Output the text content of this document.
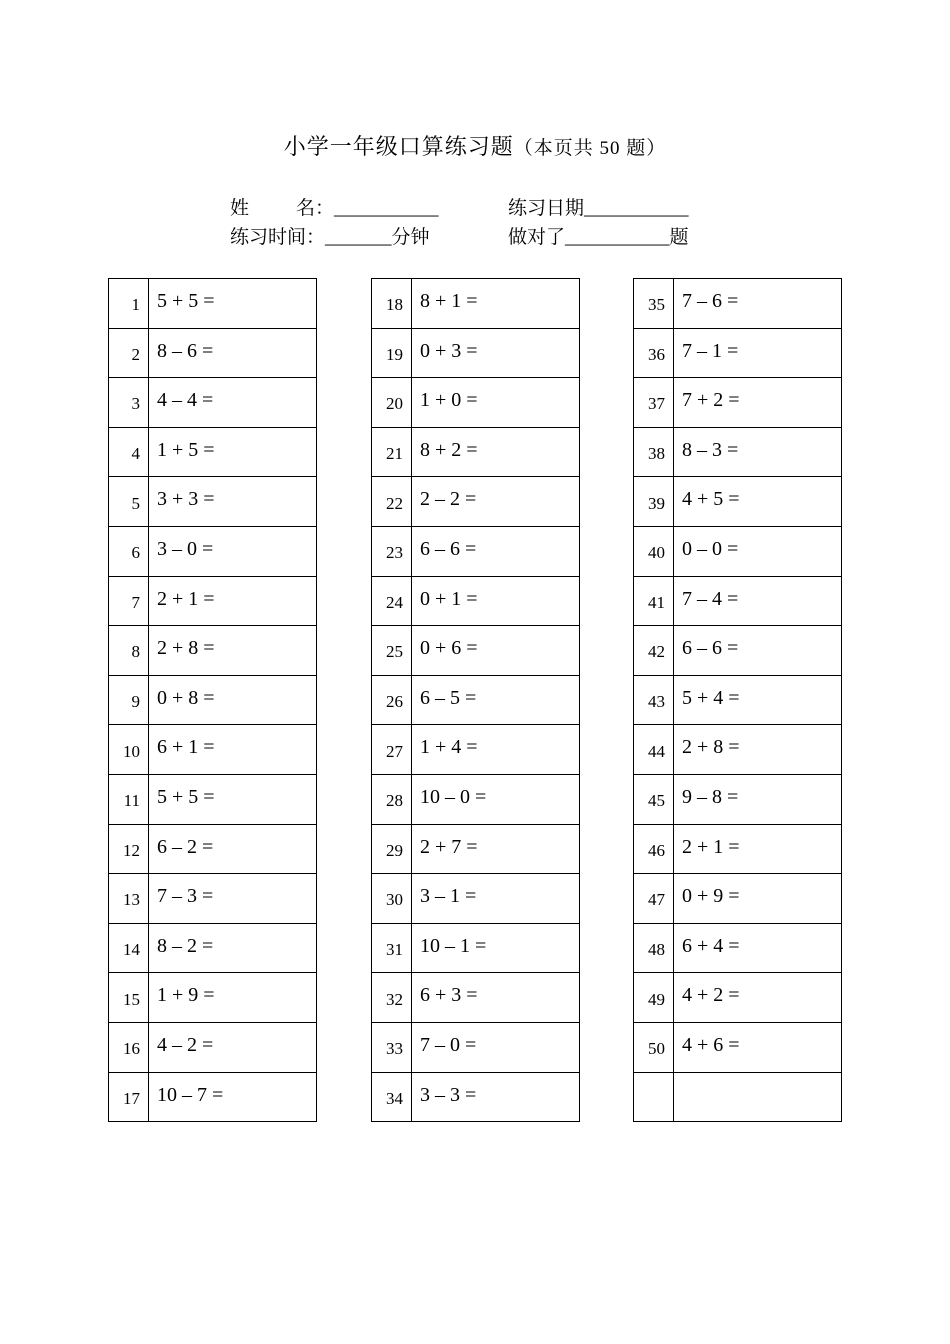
小学一年级口算练习题（本页共 50 题）
姓 名：___________	练习日期___________
练习时间：_______分钟	做对了___________题
1	5 + 5 =
2	8 – 6 =
3	4 – 4 =
4	1 + 5 =
5	3 + 3 =
6	3 – 0 =
7	2 + 1 =
8	2 + 8 =
9	0 + 8 =
10	6 + 1 =
11	5 + 5 =
12	6 – 2 =
13	7 – 3 =
14	8 – 2 =
15	1 + 9 =
16	4 – 2 =
17	10 – 7 =
18	8 + 1 =
19	0 + 3 =
20	1 + 0 =
21	8 + 2 =
22	2 – 2 =
23	6 – 6 =
24	0 + 1 =
25	0 + 6 =
26	6 – 5 =
27	1 + 4 =
28	10 – 0 =
29	2 + 7 =
30	3 – 1 =
31	10 – 1 =
32	6 + 3 =
33	7 – 0 =
34	3 – 3 =
35	7 – 6 =
36	7 – 1 =
37	7 + 2 =
38	8 – 3 =
39	4 + 5 =
40	0 – 0 =
41	7 – 4 =
42	6 – 6 =
43	5 + 4 =
44	2 + 8 =
45	9 – 8 =
46	2 + 1 =
47	0 + 9 =
48	6 + 4 =
49	4 + 2 =
50	4 + 6 =
